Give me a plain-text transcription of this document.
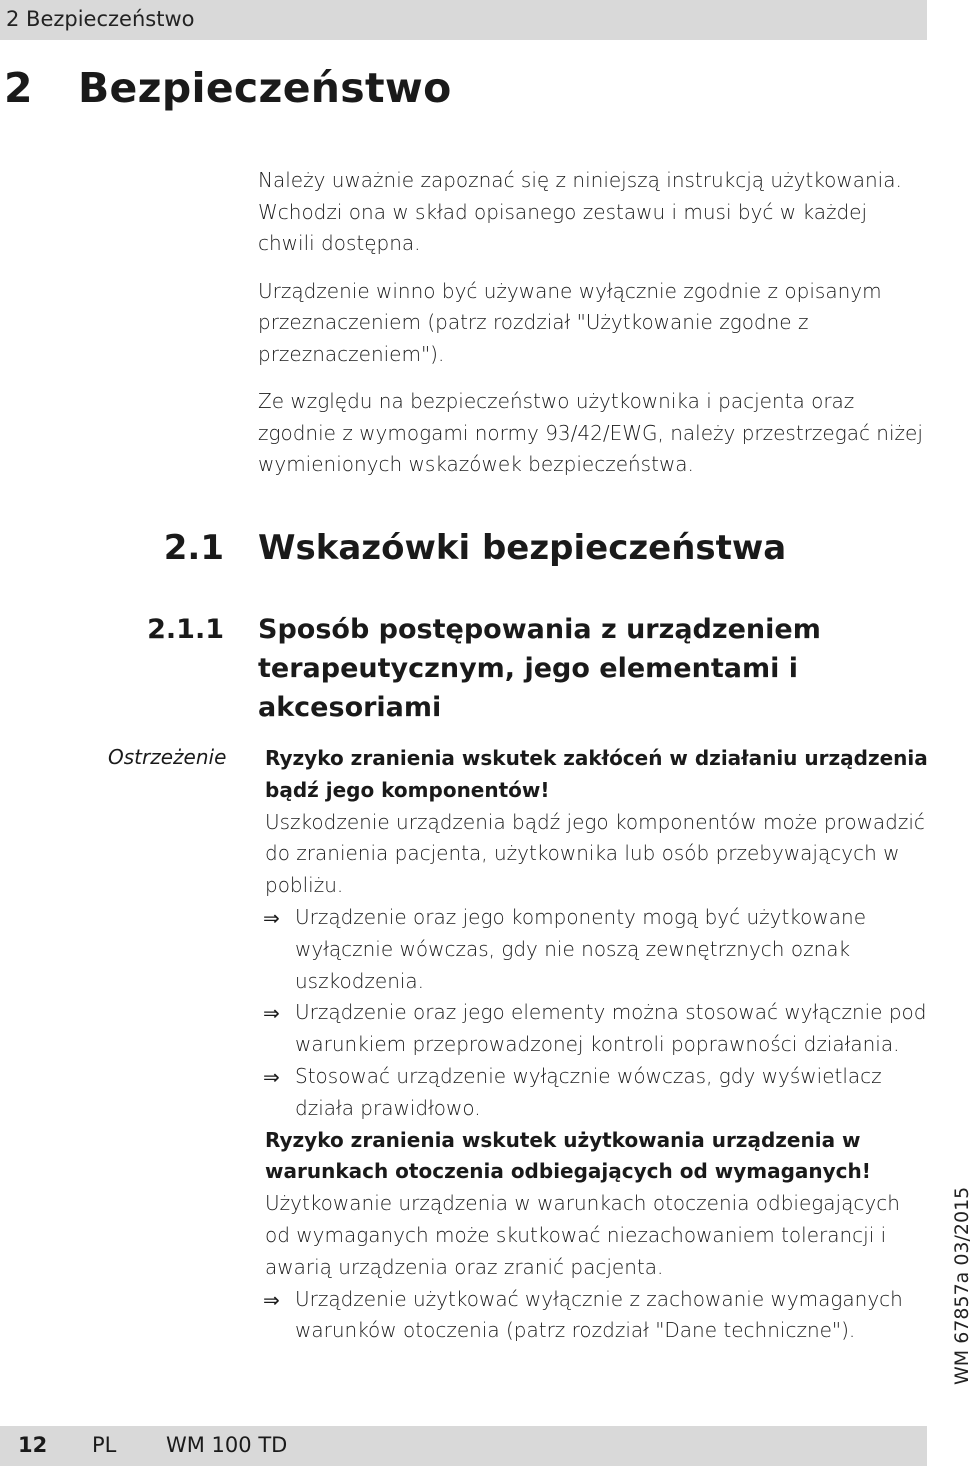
2 Bezpieczeństwo
2 Bezpieczeństwo

Należy uważnie zapoznać się z niniejszą instrukcją użytkowania. Wchodzi ona w skład opisanego zestawu i musi być w każdej chwili dostępna.

Urządzenie winno być używane wyłącznie zgodnie z opisanym przeznaczeniem (patrz rozdział "Użytkowanie zgodne z przeznaczeniem").

Ze względu na bezpieczeństwo użytkownika i pacjenta oraz zgodnie z wymogami normy 93/42/EWG, należy przestrzegać niżej wymienionych wskazówek bezpieczeństwa.

2.1 Wskazówki bezpieczeństwa
2.1.1 Sposób postępowania z urządzeniem terapeutycznym, jego elementami i akcesoriami
Ostrzeżenie Ryzyko zranienia wskutek zakłóceń w działaniu urządzenia bądź jego komponentów!
Uszkodzenie urządzenia bądź jego komponentów może prowadzić do zranienia pacjenta, użytkownika lub osób przebywających w pobliżu.
⇒ Urządzenie oraz jego komponenty mogą być użytkowane wyłącznie wówczas, gdy nie noszą zewnętrznych oznak uszkodzenia.
⇒ Urządzenie oraz jego elementy można stosować wyłącznie pod warunkiem przeprowadzonej kontroli poprawności działania.
⇒ Stosować urządzenie wyłącznie wówczas, gdy wyświetlacz działa prawidłowo.
Ryzyko zranienia wskutek użytkowania urządzenia w warunkach otoczenia odbiegających od wymaganych!
Użytkowanie urządzenia w warunkach otoczenia odbiegających od wymaganych może skutkować niezachowaniem tolerancji i awarią urządzenia oraz zranić pacjenta.
⇒ Urządzenie użytkować wyłącznie z zachowanie wymaganych warunków otoczenia (patrz rozdział "Dane techniczne").	WM 67857a 03/2015
12 PL WM 100 TD
